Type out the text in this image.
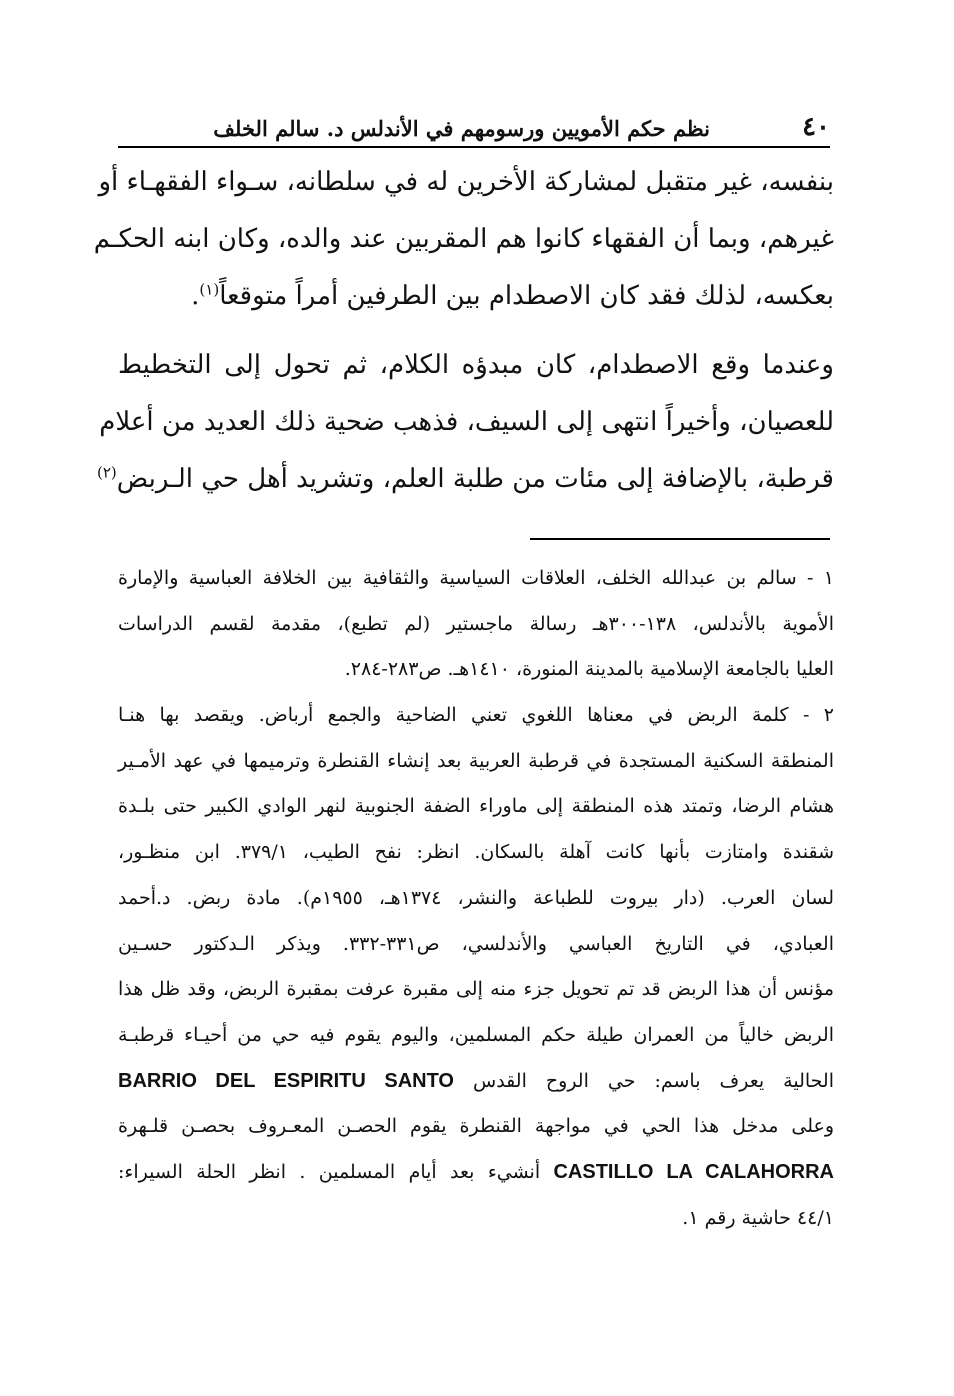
٤٠
نظم حكم الأمويين ورسومهم في الأندلس د. سالم الخلف
بنفسه، غير متقبل لمشاركة الأخرين له في سلطانه، سـواء الفقهـاء أو
غيرهم، وبما أن الفقهاء كانوا هم المقربين عند والده، وكان ابنه الحكـم
بعكسه، لذلك فقد كان الاصطدام بين الطرفين أمراً متوقعاً$^{(١)}$.
وعندما وقع الاصطدام، كان مبدؤه الكلام، ثم تحول إلى التخطيط
للعصيان، وأخيراً انتهى إلى السيف، فذهب ضحية ذلك العديد من أعلام
قرطبة، بالإضافة إلى مئات من طلبة العلم، وتشريد أهل حي الـربض$^{(٢)}$
١ - سالم بن عبدالله الخلف، العلاقات السياسية والثقافية بين الخلافة العباسية والإمارة
الأموية بالأندلس، ١٣٨-٣٠٠هـ رسالة ماجستير (لم تطبع)، مقدمة لقسم الدراسات
العليا بالجامعة الإسلامية بالمدينة المنورة، ١٤١٠هـ. ص٢٨٣-٢٨٤.
٢ - كلمة الربض في معناها اللغوي تعني الضاحية والجمع أرباض. ويقصد بها هنـا
المنطقة السكنية المستجدة في قرطبة العربية بعد إنشاء القنطرة وترميمها في عهد الأمـير
هشام الرضا، وتمتد هذه المنطقة إلى ماوراء الضفة الجنوبية لنهر الوادي الكبير حتى بلـدة
شقندة وامتازت بأنها كانت آهلة بالسكان. انظر: نفح الطيب، ٣٧٩/١. ابن منظـور،
لسان العرب. (دار بيروت للطباعة والنشر، ١٣٧٤هـ، ١٩٥٥م). مادة ربض. د.أحمد
العبادي، في التاريخ العباسي والأندلسي، ص٣٣١-٣٣٢. ويذكر الـدكتور حسـين
مؤنس أن هذا الربض قد تم تحويل جزء منه إلى مقبرة عرفت بمقبرة الربض، وقد ظل هذا
الربض خالياً من العمران طيلة حكم المسلمين، واليوم يقوم فيه حي من أحيـاء قرطبـة
الحالية يعرف باسم: حي الروح القدس BARRIO DEL ESPIRITU SANTO
وعلى مدخل هذا الحي في مواجهة القنطرة يقوم الحصـن المعـروف بحصـن قلـهرة
CASTILLO LA CALAHORRA أنشيء بعد أيام المسلمين . انظر الحلة السيراء:
٤٤/١ حاشية رقم ١.
